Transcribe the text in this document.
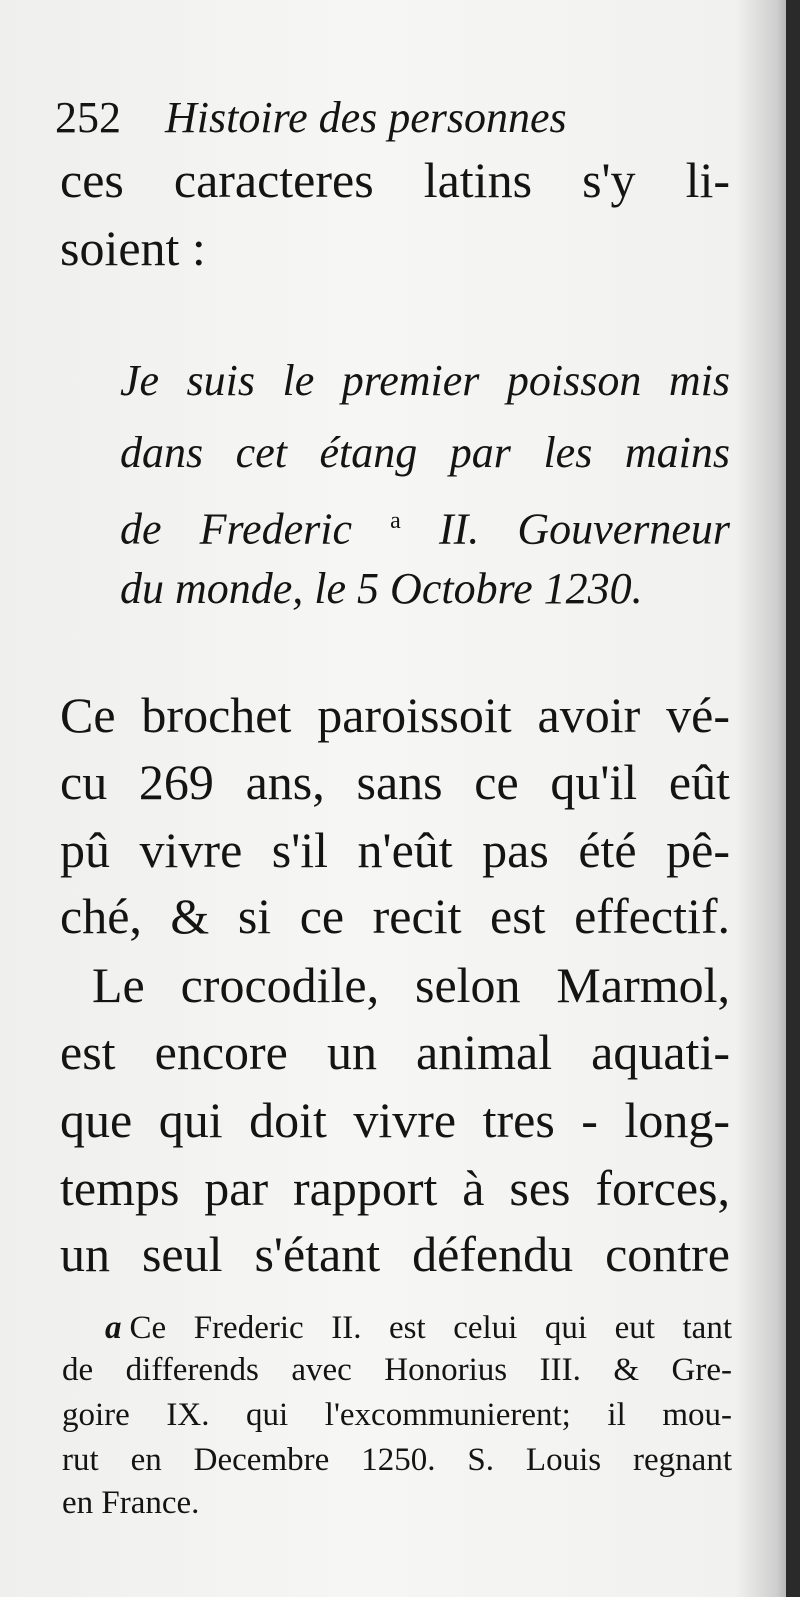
252 Histoire des personnes
ces caracteres latins s'y li-
soient :
Je suis le premier poisson mis
dans cet étang par les mains
de Frederic $^a$ II. Gouverneur
du monde, le 5 Octobre 1230.
Ce brochet paroissoit avoir vé-
cu 269 ans, sans ce qu'il eût
pû vivre s'il n'eût pas été pê-
ché, & si ce recit est effectif.
Le crocodile, selon Marmol,
est encore un animal aquati-
que qui doit vivre tres - long-
temps par rapport à ses forces,
un seul s'étant défendu contre
a Ce Frederic II. est celui qui eut tant
de differends avec Honorius III. & Gre-
goire IX. qui l'excommunierent; il mou-
rut en Decembre 1250. S. Louis regnant
en France.
